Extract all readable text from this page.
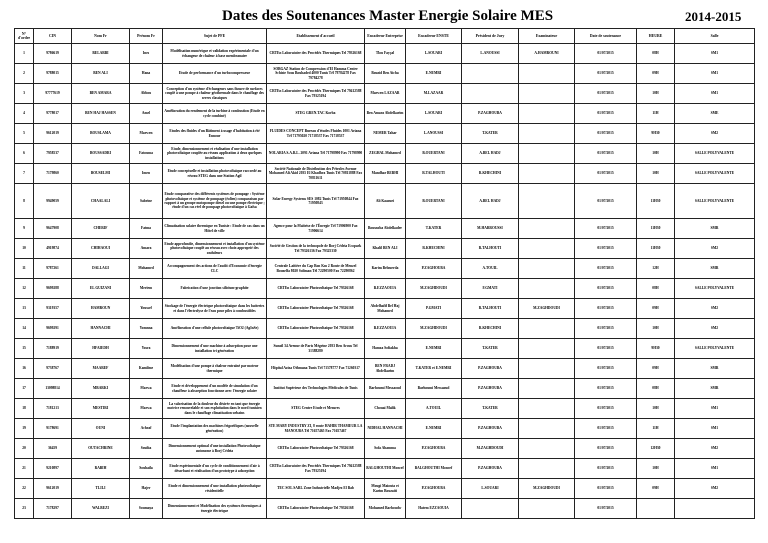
Dates des Soutenances Master Energie Solaire MES	2014-2015
N° d'ordre	CIN	Nom Fr	Prénom Fr	Sujet de PFE	Etablissement d'accueil	Encadreur Entreprise	Encadreur ENSTE	Président de Jury	Examinateur	Date de soutenance	HEURE	Salle
1	9786619	BELARBI	Ines	Modélisation numérique et validation expérimentale d'un échangeur de chaleur à base membranaire	CRTEn Laboratoire des Procédés Thermiques Tel 79326168	Tlou Fayçal	L.SOUARI	L.ANOUSSI	A.HAMROUNI	01/07/2015	08H	SM1
2	9788015	BEN ALI	Hana	Etude de performance d'un turbocompresseur	SOBGAZ Station de Compression d'El Hamma Centre Schiste Sous Bouhaded 4000 Tunis Tél 79784278 Fax 79784278	Bouzid Ben Aicha	E.NEMRI			01/07/2015	09H	SM1
3	97777619	BEN AMARA	Abbou	Conception d'un système d'échangeurs sans fissure de surfaces couplé à une pompe à chaleur géothermale dans le chauffage des serres classiques	CRTEn Laboratoire des Procédés Thermiques Tel 79412588 Fax 79325194	Marwen LAZAAR	M.LAZAAR			01/07/2015	10H	SM1
4	9778017	BEN HAJ HASSEN	Amel	Amélioration du rendement de la turbine à combustion (Etude en cycle combiné)	STEG GREN.TAC Korba	Ben Amara Abdelkarim	L.SOUARI	P.ZAGHOUBA		01/07/2015	11H	SME
5	9612019	BOUSLAMA	Marwen	Etudes des fluides d'un Bâtiment à usage d'habitation à été Ennour	FLUIDES CONCEPT Bureau d'études Fluides 1001 Ariana Tél 71795020 71718537 Fax 71718537	NEMER Tahar	L.ANOUSSI	T.KATER		01/07/2015	9H30	SM2
6	7958537	BOUSSADRI	Fatouma	Etude, dimensionnement et réalisation d'une installation photovoltaïque couplée au réseau application à deux quelques installations	NOLARIA S.A.R.L. 2091 Ariana Tél 71798990 Fax 71798990	ZEGHAL Mohamed	B.OUERTANI	A.BEL HADJ		01/07/2015	10H	SALLE POLYVALENTE
7	7179860	BOUSELMI	Imen	Etude conceptuelle et installation photovoltaïque raccordé au réseau STEG dans une Station Agil	Société Nationale de Distribution des Pétroles Avenue Mohamed Ali Akid 2035 El Khadhra Tunis Tél 70811888 Fax 70811611	Mandhar BEBHI	R.TALHOUTI	R.KHECHINI		01/07/2015	10H	SALLE POLYVALENTE
8	9949059	CHAALALI	Sabrine	Etude comparative des différents systèmes de pompage : Système photovoltaïque et système de pompage (éolien) comparaison par rapport à un groupe motopompe diesel ou une pompe électrique ; étude d'un cas réel de pompage photovoltaïque à Gafsa	Solar Energy Systems SES 1082 Tunis Tél 71950844 Fax 71950843	Ali Kaaouri	B.OUERTANI	A.BEL HADJ		01/07/2015	11H30	SALLE POLYVALENTE
9	9647908	CHERIF	Fatma	Climatisation solaire thermique en Tunisie : Etude de cas dans un Hôtel de ville	Agence pour la Maîtrise de l'Énergie Tél 71906900 Fax 71906614	Bousnoba Abdelkader	T.KATER	M.HARROUSSI		01/07/2015	11H30	SMR
10	4919874	CHIHAOUI	Amara	Etude approfondie, dimensionnement et installation d'un système photovoltaïque couplé au réseau avec choix approprié des onduleurs	Société de Gestion de la technopole de Borj Cédria Ecopark Tél 79326136 Fax 79325330	Khalil BEN ALI	R.KHECHINI	R.TALHOUTI		01/07/2015	11H30	SM2
11	9787261	DALLAGI	Mohamed	Accompagnement des actions de l'audit d'Economie d'énergie CLC	Centrale Laitière du Cap Bon Km 2 Route de Menzel Bouzelfa 8020 Soliman Tél 72290500 Fax 72290862	Karim Belouerda	P.ZAGHOUBA	A.TOUIL		01/07/2015	12H	SMR
12	9699288	EL GUIZANI	Meriem	Fabrication d'une jonction silicium-graphite	CRTEn Laboratoire Photovoltaïque Tel 79326168	B.EZZAOUIA	M.ZAGHDOUDI	F.GMATI		01/07/2015	08H	SALLE POLYVALENTE
13	9319357	HAMROUN	Youssef	Stockage de l'énergie électrique photovoltaïque dans les batteries et dans l'électrolyse de l'eau pour piles à combustibles	CRTEn Laboratoire Photovoltaïque Tel 79326168	Abdelhafif Bel Haj Mohamed	P.GMATI	R.TALHOUTI	M.ZAGHDOUDI	01/07/2015	09H	SM2
14	9699291	HANNACHI	Yomnna	Amélioration d'une cellule photovoltaïque TiO2 (AgInSe)	CRTEn Laboratoire Photovoltaïque Tel 79326168	B.EZZAOUIA	M.ZAGHDOUDI	R.KHECHINI		01/07/2015	10H	SM2
15	7188919	HFAIEDH	Yosra	Dimensionnement d'une machine à adsorption pour une installation tri génération	Sunoil 34 Avenue de Paris Mégrine 2033 Ben Arous Tel 31388280	Hamza Sofiakha	E.NEMRI	T.KATER		01/07/2015	9H30	SALLE POLYVALENTE
16	9738767	MAAREF	Kamilme	Modélisation d'une pompe à chaleur entraîné par moteur thermique	Hôpital Aziza Othmana Tunis Tél 71578777 Fax 71260317	BEN FRADJ Abdelkarim	T.KATER et E.NEMRI	P.ZAGHOUBA		01/07/2015	09H	SMR
17	13098814	MBARKI	Marwa	Etude et développement d'un modèle de simulation d'un chauffeur à absorption fonctionne avec l'énergie solaire	Institut Supérieur des Technologies Médicales de Tunis	Barhoumi Messaoud	Barhoumi Messaoud	P.ZAGHOUBA		01/07/2015	08H	SMR
18	7181213	MESTIRI	Marwa	La valorisation de la douleur du désirée en tant que énergie motrice renouvelable et son exploitation dans le nord tunisien dans le chauffage climatisation urbains	STEG Centre Etude et Mesures	Chouai Malik	A.TOUIL	T.KATER		01/07/2015	10H	SM1
19	9178691	OUNI	Achraf	Etude l'implantation des machines frigorifiques (nouvelle génération)	STE MABY INDUSTRY ZI, 8 route HAHIR THAMEUR LA MANOUBA Tél 71657465 Fax 71657467	NIDHAL HANNACHI	E.NEMRI	P.ZAGHOUBA		01/07/2015	11H	SM1
20	36459	OUTACHRINE	Souiba	Dimensionnement optimal d'une installation Photovoltaïque autonome à Borj Cédria	CRTEn Laboratoire Photovoltaïque Tel 79326168	Sofa Ahamma	P.ZAGHOUBA	M.ZAGHDOUDI		01/07/2015	12H30	SM2
21	9210897	RABIH	Souhaila	Etude expérimentale d'un cycle de conditionnement d'air à désorbant et réalisation d'un prototype à adsorption	CRTEn Laboratoire des Procédés Thermiques Tel 79412588 Fax 79325194	BALGHOUTHI Moncef	BALGHOUTHI Moncef	P.ZAGHOUBA		01/07/2015	10H	SM1
22	9612019	TLILI	Hajer	Etude et dimensionnement d'une installation photovoltaïque résidentielle	TEC SOL SARL Zone Industrielle Madjez El Bab	Mougi Maiouta et Karim Bouzaiti	P.ZAGHOUBA	L.SOUARI	M.ZAGHDOUDI	01/07/2015	09H	SM2
23	7178297	WALBEZI	Soumaya	Dimensionnement et Modélisation des systèmes thermiques à énergie électrique	CRTEn Laboratoire Photovoltaïque Tel 79326168	Mohamed Barhoudw	Hatem EZZAOUIA			01/07/2015		
